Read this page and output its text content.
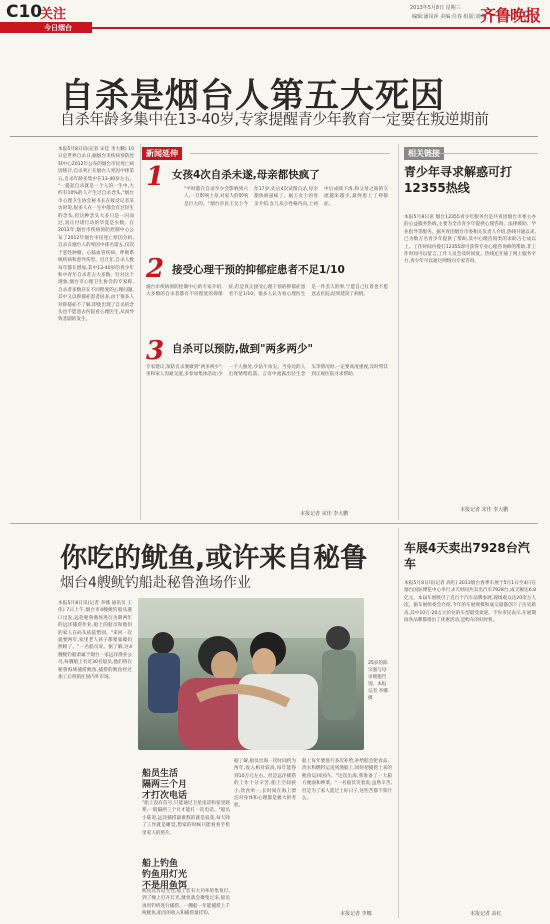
C10
关注
今日烟台
2013年5月8日 星期三
编辑:潘凤萍 美编:任春 组版:刘燕
齐鲁晚报
自杀是烟台人第五大死因
自杀年龄多集中在13-40岁,专家提醒青少年教育一定要在叛逆期前
本报5月8日讯(记者 宋佳 李大鹏) 10日是世界自杀日,据烟台市疾病预防控制中心2012年公布的烟台市民死亡病因统计,自杀死亡在烟台人死因中排第五,自杀年龄多集中在13-40岁左右。 "一提起自杀就是一个人的一生中,大约有10%的人产生过自杀念头,"烟台市心理卫生协会秘书长在接受记者采访时说,很多人在一生中都会有过轻生的念头,但这种念头大多只是一闪而过,真正付诸行动的毕竟是少数。在2012年,烟台市疾病预防控制中心公布了2012年烟台市民死亡原因分析,自杀在烟台人的死因中排名第五,仅次于恶性肿瘤、心脑血管疾病、呼吸系统疾病和意外伤害。近几年,自杀人数每年都在增加,其中13-40岁的青少年和中青年自杀者占大多数。针对这个现象,烟台市心理卫生协会的专家称,自杀者多数存在不同程度的心理问题,其中又以抑郁症患者居多,由于很多人对抑郁症不了解,即使出现了自杀的念头也不愿意去医院看心理医生,从而导致悲剧的发生。
新闻延伸
1 女孩4次自杀未遂,母亲都快疯了
"平时都在自杀至少会影响到六人,一旦影响上身,对家人的影响是巨大的。"烟台市民王女士今年17岁,先后4次试图自杀,母亲都快被逼疯了。据王女士的母亲介绍,女儿从小性格内向,上初中后成绩下滑,和父母之间的交流越来越少,最终患上了抑郁症。
2 接受心理干预的抑郁症患者不足1/10
烟台市疾病预防控制中心的专家介绍,大多数的自杀者都有不同程度的抑郁症,但是真正接受心理干预的抑郁症患者不足1/10。很多人认为看心理医生是一件丢人的事,宁愿自己扛着也不愿意去医院,结果延误了病情。
3 自杀可以预防,做到"两多两少"
专家建议,预防自杀要做到"两多两少":多和家人沟通交流,多参加集体活动;少一个人独处,少钻牛角尖。当身边的人出现情绪低落、言语中流露出轻生念头等情况时,一定要高度重视,及时带其到正规医院寻求帮助。
本报记者 宋佳 李大鹏
相关链接
青少年寻求解惑可打12355热线
本报5月8日讯 烟台12355青少年服务台是共青团烟台市委主办的公益服务热线,主要为全市青少年提供心理咨询、法律援助、学业指导等服务。据共青团烟台市委相关负责人介绍,热线开通以来,已为数万名青少年提供了帮助,其中心理咨询类的求助占七成以上。工作时间内拨打12355即可获得专业心理咨询师的帮助,非工作时间可以留言,工作人员会及时回复。热线还开通了网上服务平台,青少年可以通过网络向专家咨询。
本报记者 宋佳 李大鹏
你吃的鱿鱼,或许来自秘鲁
烟台4艘鱿钓船赴秘鲁渔场作业
本报5月8日讯(记者 李娜 通讯员 王伟) 7日上午,烟台市4艘鱿钓船从港口出发,远赴秘鲁渔场进行为期两年的远洋捕捞作业,船上的船员和他们的家人在码头依依惜别。"来回一次就要两年,家里老人孩子都要靠媳妇照顾了。"一名船员说。据了解,这4艘鱿钓船隶属于烟台一家远洋渔业公司,每艘船上有近30名船员,他们将在秘鲁海域捕捞鱿鱼,捕捞的鱿鱼经过加工后将销往国内外市场。
25岁的陈宗强与母亲拥抱告别。本报记者 李娜 摄

船员生活
隔两三个月
才打次电话

"船上没有信号,只能通过卫星电话和家里联系,一般隔两三个月才能打一次电话。"船员小陈说,远洋捕捞最难熬的就是寂寞,每天除了工作就是睡觉,想家的时候只能看看手机里家人的照片。

船上钓鱼
钓鱼用灯光
不是用鱼饵

鱿鱼具有趋光性,船上装有大功率的集鱼灯,到了晚上打开灯光,鱿鱼就会聚集过来,船员再用钓机进行捕捞。一艘船一年能捕捞上千吨鱿鱼,船员的收入和捕捞量挂钩。
据了解,船员出海一次时间约为两年,收入相对较高,每年能挣到10万元左右。但是远洋捕捞的工作十分辛苦,船上空间狭小,饮食单一,长时间在海上漂泊对身体和心理都是极大的考验。
船上每年要进行多次补给,补给船会把食品、淡水和燃料运送到渔船上,同时把捕捞上来的鱿鱼运回国内。"这次出海,我准备了一大箱方便面和榨菜。"一名船员笑着说,虽然辛苦,但是为了家人能过上好日子,这些苦都不算什么。
本报记者 李娜
车展4天卖出7928台汽车
本报5月8日讯(记者 高红) 2013烟台春季车展于5月1日至4日在烟台国际博览中心举行,4天时间共卖出汽车7928台,成交额达6.8亿元。本届车展吸引了近百个汽车品牌参展,现场观众达20余万人次。据车展组委会介绍,今年的车展规模和成交量都创下了历史新高,其中10万-20万元价位的车型最受欢迎。不少市民表示,车展期间各品牌都推出了优惠活动,是购车的好时机。
本报记者 高红
